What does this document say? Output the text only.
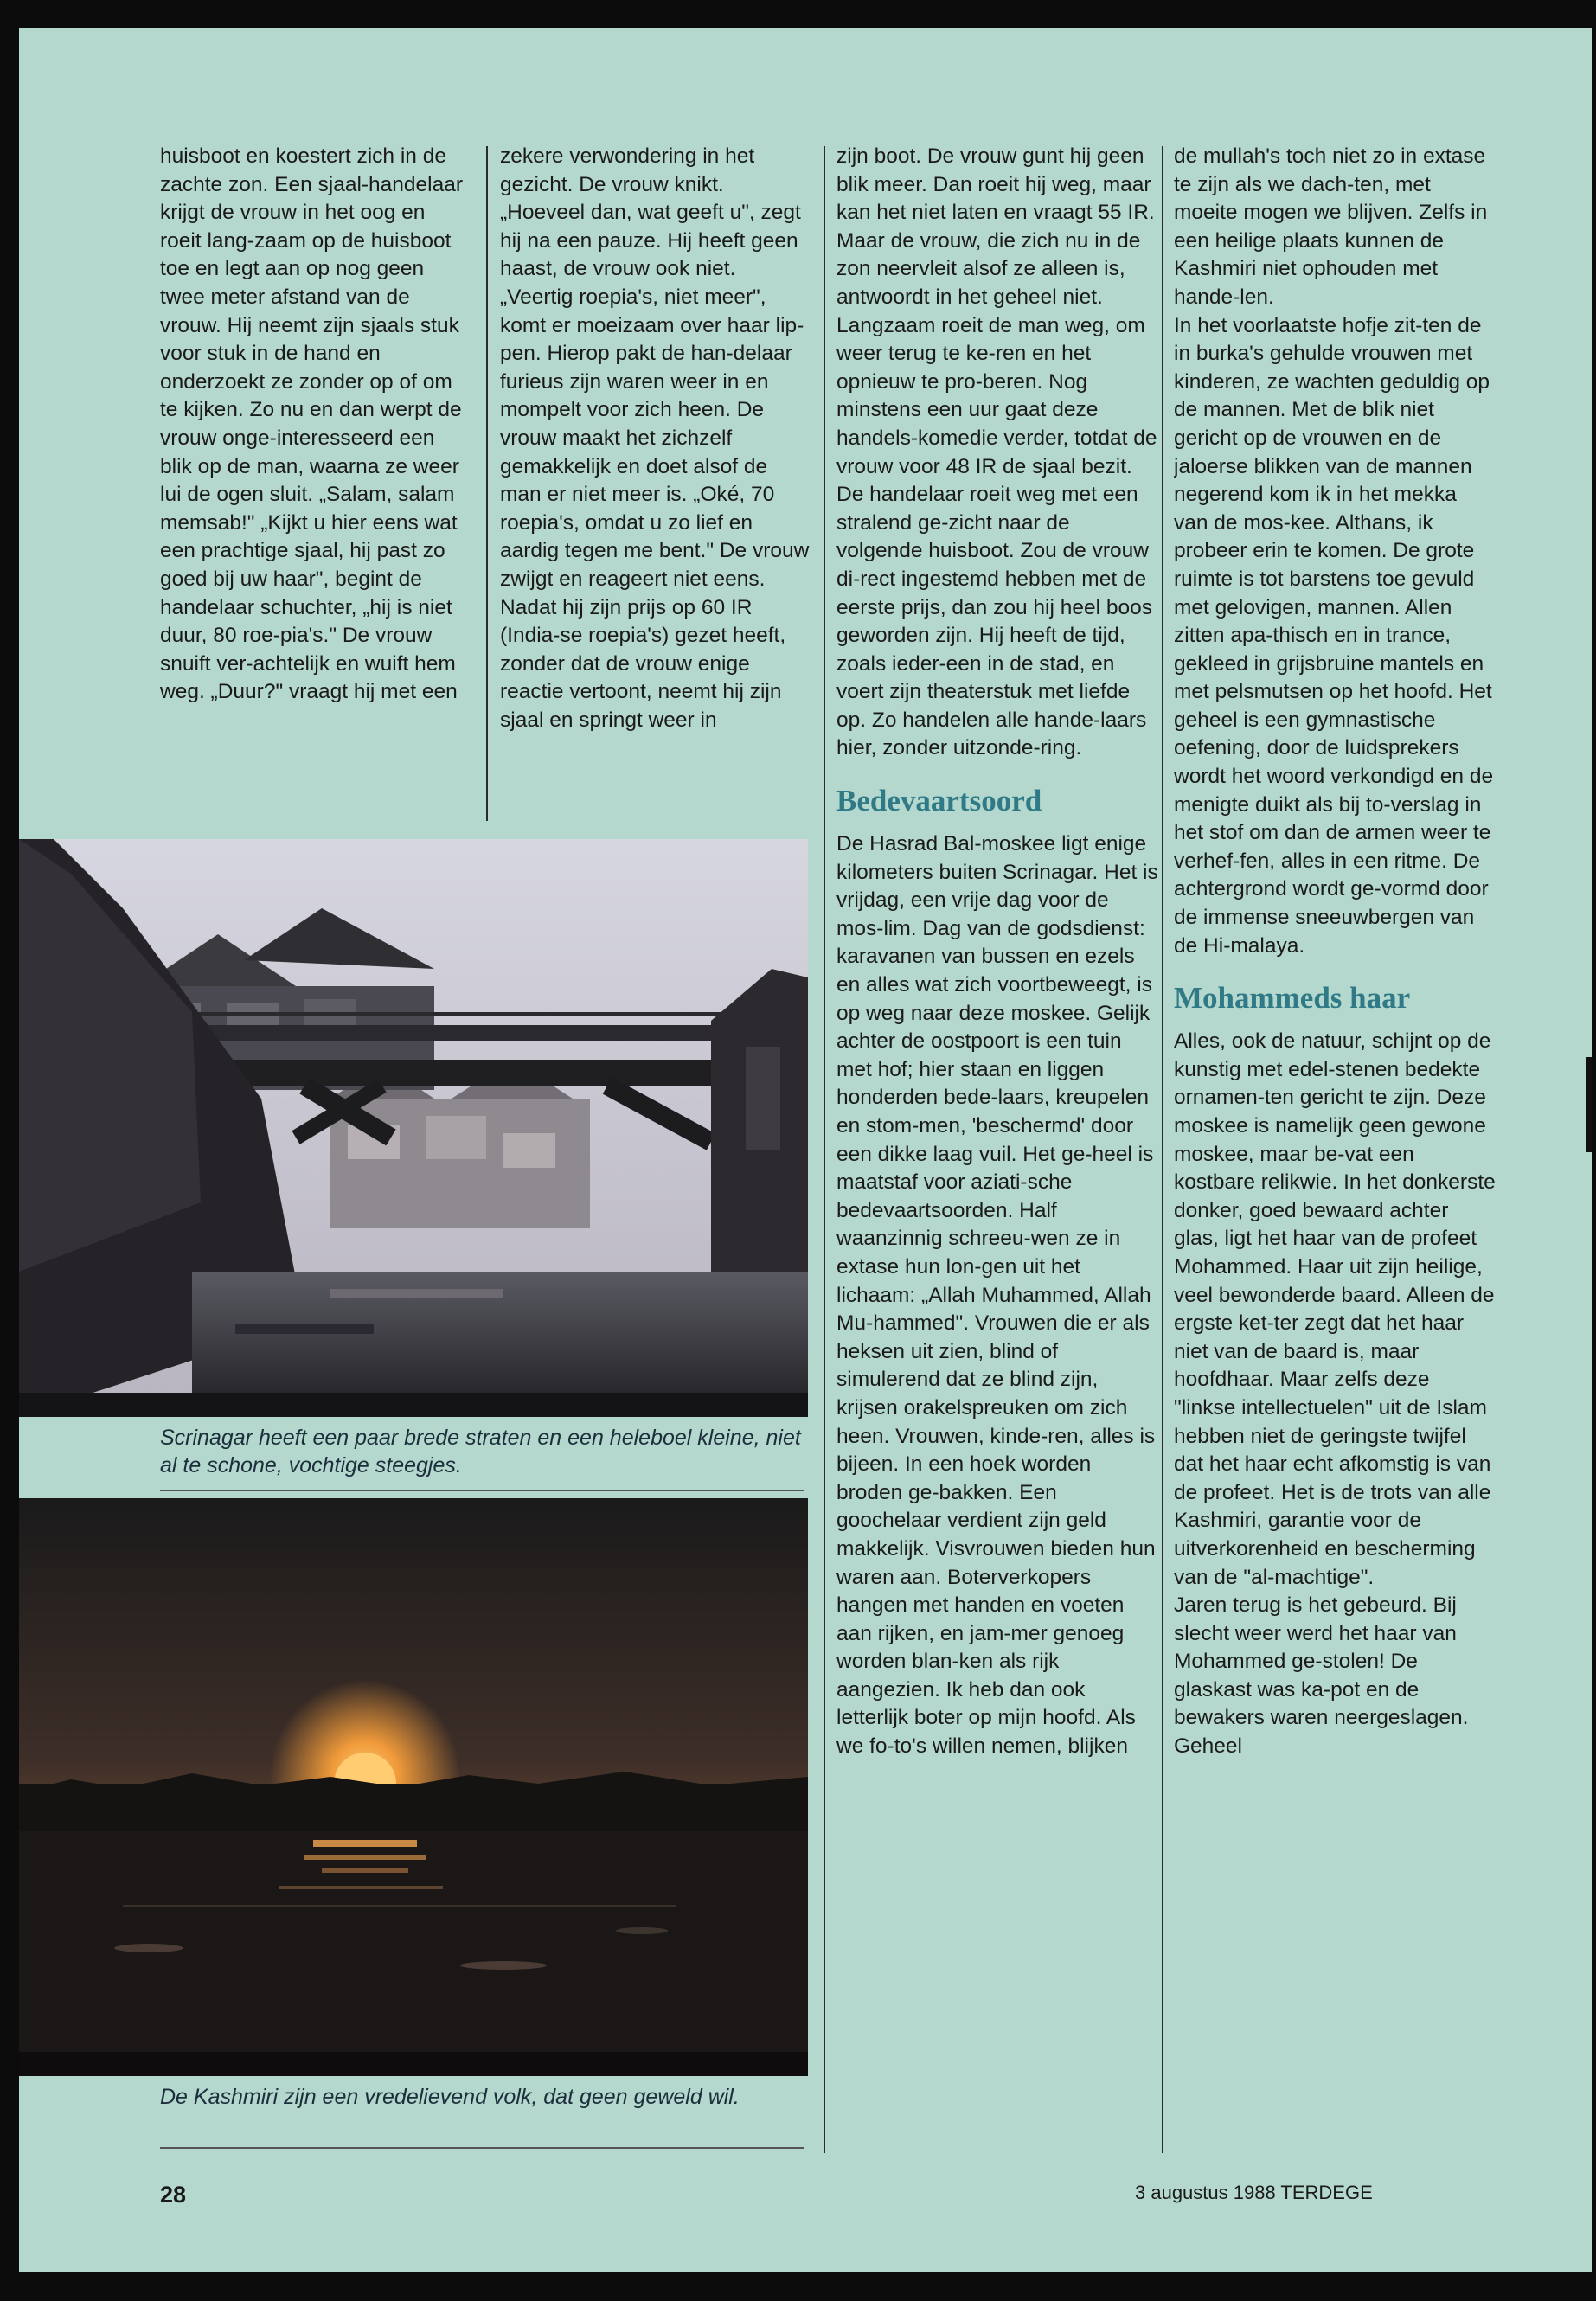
huisboot en koestert zich in de zachte zon. Een sjaal-handelaar krijgt de vrouw in het oog en roeit lang-zaam op de huisboot toe en legt aan op nog geen twee meter afstand van de vrouw. Hij neemt zijn sjaals stuk voor stuk in de hand en onderzoekt ze zonder op of om te kijken. Zo nu en dan werpt de vrouw onge-interesseerd een blik op de man, waarna ze weer lui de ogen sluit. „Salam, salam memsab!" „Kijkt u hier eens wat een prachtige sjaal, hij past zo goed bij uw haar", begint de handelaar schuchter, „hij is niet duur, 80 roe-pia's." De vrouw snuift ver-achtelijk en wuift hem weg. „Duur?" vraagt hij met een

zekere verwondering in het gezicht. De vrouw knikt. „Hoeveel dan, wat geeft u", zegt hij na een pauze. Hij heeft geen haast, de vrouw ook niet. „Veertig roepia's, niet meer", komt er moeizaam over haar lip-pen. Hierop pakt de han-delaar furieus zijn waren weer in en mompelt voor zich heen. De vrouw maakt het zichzelf gemakkelijk en doet alsof de man er niet meer is. „Oké, 70 roepia's, omdat u zo lief en aardig tegen me bent." De vrouw zwijgt en reageert niet eens. Nadat hij zijn prijs op 60 IR (India-se roepia's) gezet heeft, zonder dat de vrouw enige reactie vertoont, neemt hij zijn sjaal en springt weer in

zijn boot. De vrouw gunt hij geen blik meer. Dan roeit hij weg, maar kan het niet laten en vraagt 55 IR. Maar de vrouw, die zich nu in de zon neervleit alsof ze alleen is, antwoordt in het geheel niet.

Langzaam roeit de man weg, om weer terug te ke-ren en het opnieuw te pro-beren. Nog minstens een uur gaat deze handels-komedie verder, totdat de vrouw voor 48 IR de sjaal bezit. De handelaar roeit weg met een stralend ge-zicht naar de volgende huisboot. Zou de vrouw di-rect ingestemd hebben met de eerste prijs, dan zou hij heel boos geworden zijn. Hij heeft de tijd, zoals ieder-een in de stad, en voert zijn theaterstuk met liefde op. Zo handelen alle hande-laars hier, zonder uitzonde-ring.

Bedevaartsoord

De Hasrad Bal-moskee ligt enige kilometers buiten Scrinagar. Het is vrijdag, een vrije dag voor de mos-lim. Dag van de godsdienst: karavanen van bussen en ezels en alles wat zich voortbeweegt, is op weg naar deze moskee. Gelijk achter de oostpoort is een tuin met hof; hier staan en liggen honderden bede-laars, kreupelen en stom-men, 'beschermd' door een dikke laag vuil. Het ge-heel is maatstaf voor aziati-sche bedevaartsoorden. Half waanzinnig schreeu-wen ze in extase hun lon-gen uit het lichaam: „Allah Muhammed, Allah Mu-hammed". Vrouwen die er als heksen uit zien, blind of simulerend dat ze blind zijn, krijsen orakelspreuken om zich heen. Vrouwen, kinde-ren, alles is bijeen. In een hoek worden broden ge-bakken. Een goochelaar verdient zijn geld makkelijk. Visvrouwen bieden hun waren aan. Boterverkopers hangen met handen en voeten aan rijken, en jam-mer genoeg worden blan-ken als rijk aangezien. Ik heb dan ook letterlijk boter op mijn hoofd. Als we fo-to's willen nemen, blijken

de mullah's toch niet zo in extase te zijn als we dach-ten, met moeite mogen we blijven. Zelfs in een heilige plaats kunnen de Kashmiri niet ophouden met hande-len.

In het voorlaatste hofje zit-ten de in burka's gehulde vrouwen met kinderen, ze wachten geduldig op de mannen. Met de blik niet gericht op de vrouwen en de jaloerse blikken van de mannen negerend kom ik in het mekka van de mos-kee. Althans, ik probeer erin te komen. De grote ruimte is tot barstens toe gevuld met gelovigen, mannen. Allen zitten apa-thisch en in trance, gekleed in grijsbruine mantels en met pelsmutsen op het hoofd. Het geheel is een gymnastische oefening, door de luidsprekers wordt het woord verkondigd en de menigte duikt als bij to-verslag in het stof om dan de armen weer te verhef-fen, alles in een ritme. De achtergrond wordt ge-vormd door de immense sneeuwbergen van de Hi-malaya.

Mohammeds haar

Alles, ook de natuur, schijnt op de kunstig met edel-stenen bedekte ornamen-ten gericht te zijn. Deze moskee is namelijk geen gewone moskee, maar be-vat een kostbare relikwie. In het donkerste donker, goed bewaard achter glas, ligt het haar van de profeet Mohammed. Haar uit zijn heilige, veel bewonderde baard. Alleen de ergste ket-ter zegt dat het haar niet van de baard is, maar hoofdhaar. Maar zelfs deze "linkse intellectuelen" uit de Islam hebben niet de geringste twijfel dat het haar echt afkomstig is van de profeet. Het is de trots van alle Kashmiri, garantie voor de uitverkorenheid en bescherming van de "al-machtige".

Jaren terug is het gebeurd. Bij slecht weer werd het haar van Mohammed ge-stolen! De glaskast was ka-pot en de bewakers waren neergeslagen. Geheel

Scrinagar heeft een paar brede straten en een heleboel kleine, niet al te schone, vochtige steegjes.
De Kashmiri zijn een vredelievend volk, dat geen geweld wil.
28	3 augustus 1988 TERDEGE
